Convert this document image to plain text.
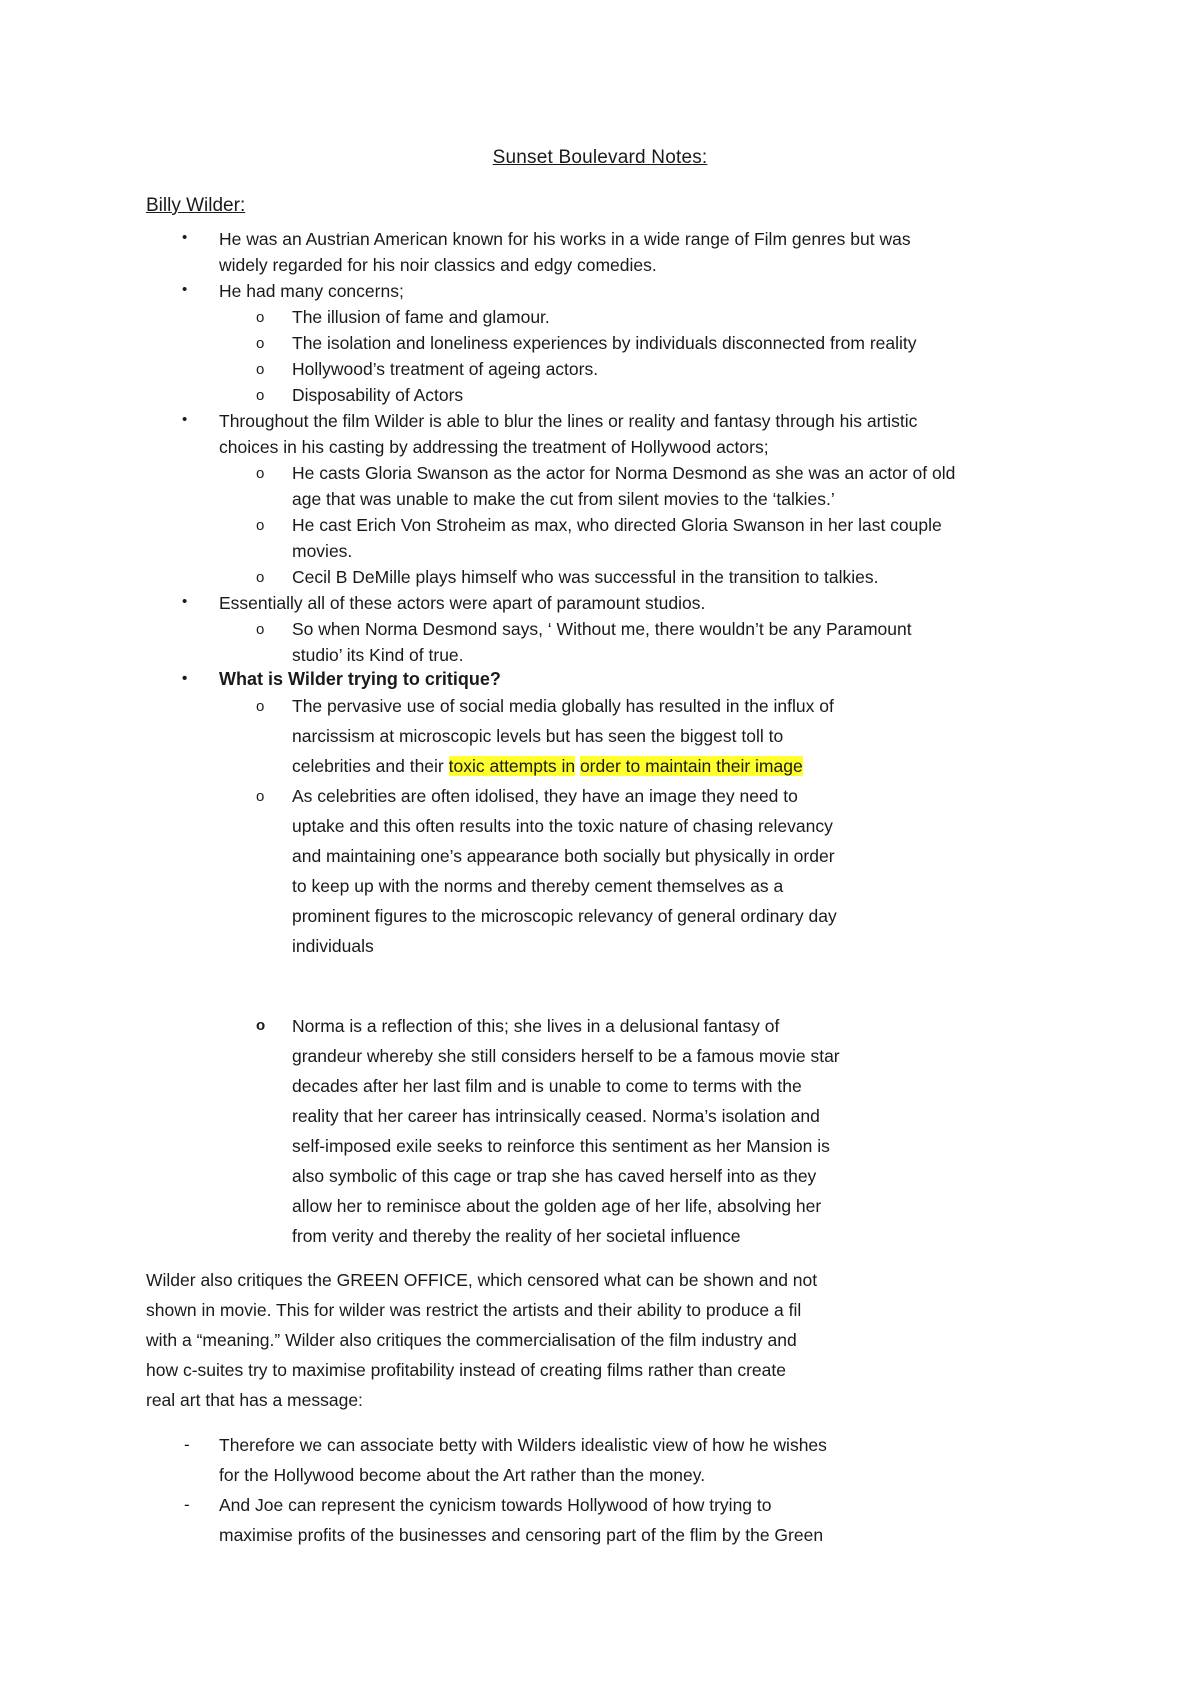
Sunset Boulevard Notes:
Billy Wilder:
• He was an Austrian American known for his works in a wide range of Film genres but was
widely regarded for his noir classics and edgy comedies.
• He had many concerns;
o The illusion of fame and glamour.
o The isolation and loneliness experiences by individuals disconnected from reality
o Hollywood’s treatment of ageing actors.
o Disposability of Actors
• Throughout the film Wilder is able to blur the lines or reality and fantasy through his artistic
choices in his casting by addressing the treatment of Hollywood actors;
o He casts Gloria Swanson as the actor for Norma Desmond as she was an actor of old
age that was unable to make the cut from silent movies to the ‘talkies.’
o He cast Erich Von Stroheim as max, who directed Gloria Swanson in her last couple
movies.
o Cecil B DeMille plays himself who was successful in the transition to talkies.
• Essentially all of these actors were apart of paramount studios.
o So when Norma Desmond says, ‘ Without me, there wouldn’t be any Paramount
studio’ its Kind of true.
• What is Wilder trying to critique?
o The pervasive use of social media globally has resulted in the influx of
narcissism at microscopic levels but has seen the biggest toll to
celebrities and their toxic attempts in order to maintain their image
o As celebrities are often idolised, they have an image they need to
uptake and this often results into the toxic nature of chasing relevancy
and maintaining one’s appearance both socially but physically in order
to keep up with the norms and thereby cement themselves as a
prominent figures to the microscopic relevancy of general ordinary day
individuals
o Norma is a reflection of this; she lives in a delusional fantasy of
grandeur whereby she still considers herself to be a famous movie star
decades after her last film and is unable to come to terms with the
reality that her career has intrinsically ceased. Norma’s isolation and
self-imposed exile seeks to reinforce this sentiment as her Mansion is
also symbolic of this cage or trap she has caved herself into as they
allow her to reminisce about the golden age of her life, absolving her
from verity and thereby the reality of her societal influence
Wilder also critiques the GREEN OFFICE, which censored what can be shown and not
shown in movie. This for wilder was restrict the artists and their ability to produce a fil
with a “meaning.” Wilder also critiques the commercialisation of the film industry and
how c-suites try to maximise profitability instead of creating films rather than create
real art that has a message:
- Therefore we can associate betty with Wilders idealistic view of how he wishes
for the Hollywood become about the Art rather than the money.
- And Joe can represent the cynicism towards Hollywood of how trying to
maximise profits of the businesses and censoring part of the flim by the Green
